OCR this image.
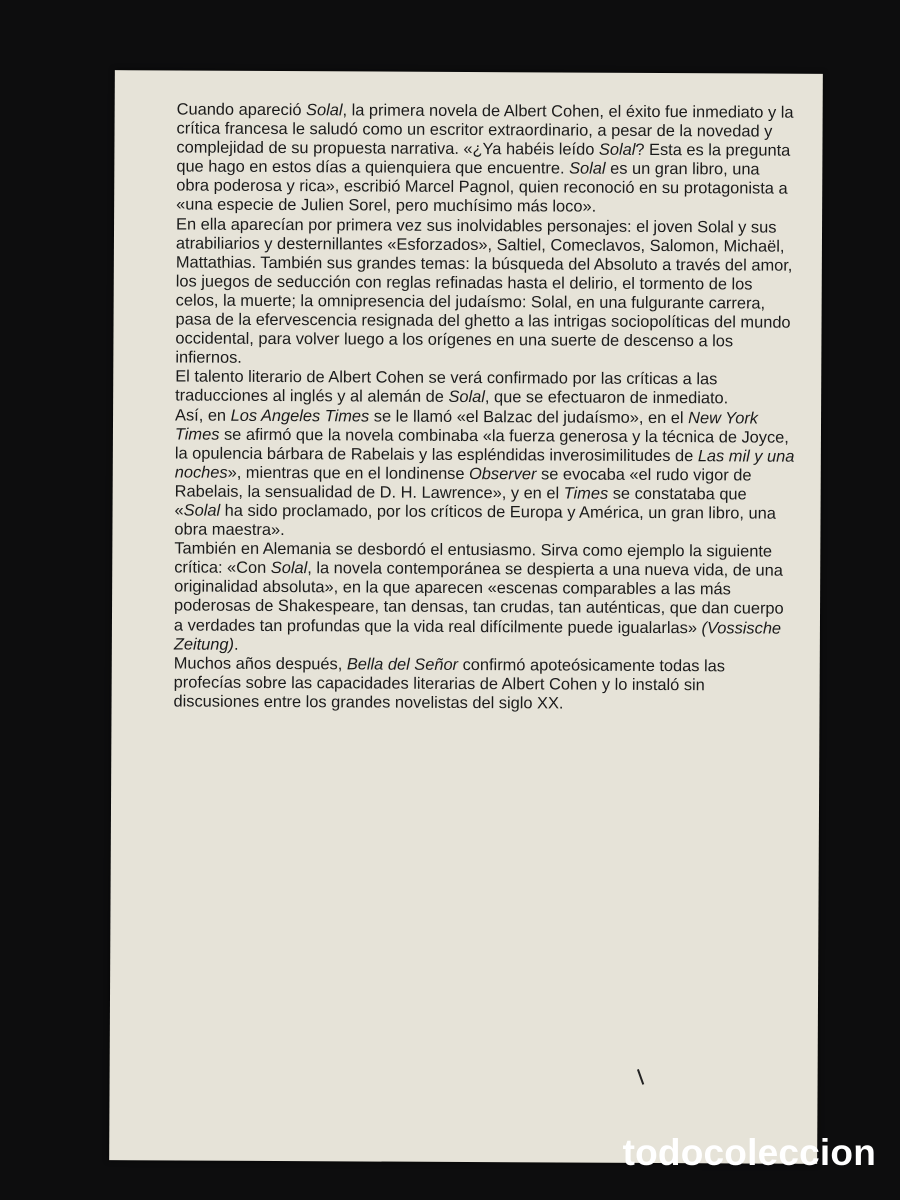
Cuando apareció Solal, la primera novela de Albert Cohen, el éxito fue inmediato y la crítica francesa le saludó como un escritor extraordinario, a pesar de la novedad y complejidad de su propuesta narrativa. «¿Ya habéis leído Solal? Esta es la pregunta que hago en estos días a quienquiera que encuentre. Solal es un gran libro, una obra poderosa y rica», escribió Marcel Pagnol, quien reconoció en su protagonista a «una especie de Julien Sorel, pero muchísimo más loco».

En ella aparecían por primera vez sus inolvidables personajes: el joven Solal y sus atrabiliarios y desternillantes «Esforzados», Saltiel, Comeclavos, Salomon, Michaël, Mattathias. También sus grandes temas: la búsqueda del Absoluto a través del amor, los juegos de seducción con reglas refinadas hasta el delirio, el tormento de los celos, la muerte; la omnipresencia del judaísmo: Solal, en una fulgurante carrera, pasa de la efervescencia resignada del ghetto a las intrigas sociopolíticas del mundo occidental, para volver luego a los orígenes en una suerte de descenso a los infiernos.

El talento literario de Albert Cohen se verá confirmado por las críticas a las traducciones al inglés y al alemán de Solal, que se efectuaron de inmediato.

Así, en Los Angeles Times se le llamó «el Balzac del judaísmo», en el New York Times se afirmó que la novela combinaba «la fuerza generosa y la técnica de Joyce, la opulencia bárbara de Rabelais y las espléndidas inverosimilitudes de Las mil y una noches», mientras que en el londinense Observer se evocaba «el rudo vigor de Rabelais, la sensualidad de D. H. Lawrence», y en el Times se constataba que «Solal ha sido proclamado, por los críticos de Europa y América, un gran libro, una obra maestra».

También en Alemania se desbordó el entusiasmo. Sirva como ejemplo la siguiente crítica: «Con Solal, la novela contemporánea se despierta a una nueva vida, de una originalidad absoluta», en la que aparecen «escenas comparables a las más poderosas de Shakespeare, tan densas, tan crudas, tan auténticas, que dan cuerpo a verdades tan profundas que la vida real difícilmente puede igualarlas» (Vossische Zeitung).

Muchos años después, Bella del Señor confirmó apoteósicamente todas las profecías sobre las capacidades literarias de Albert Cohen y lo instaló sin discusiones entre los grandes novelistas del siglo XX.

todocoleccion
